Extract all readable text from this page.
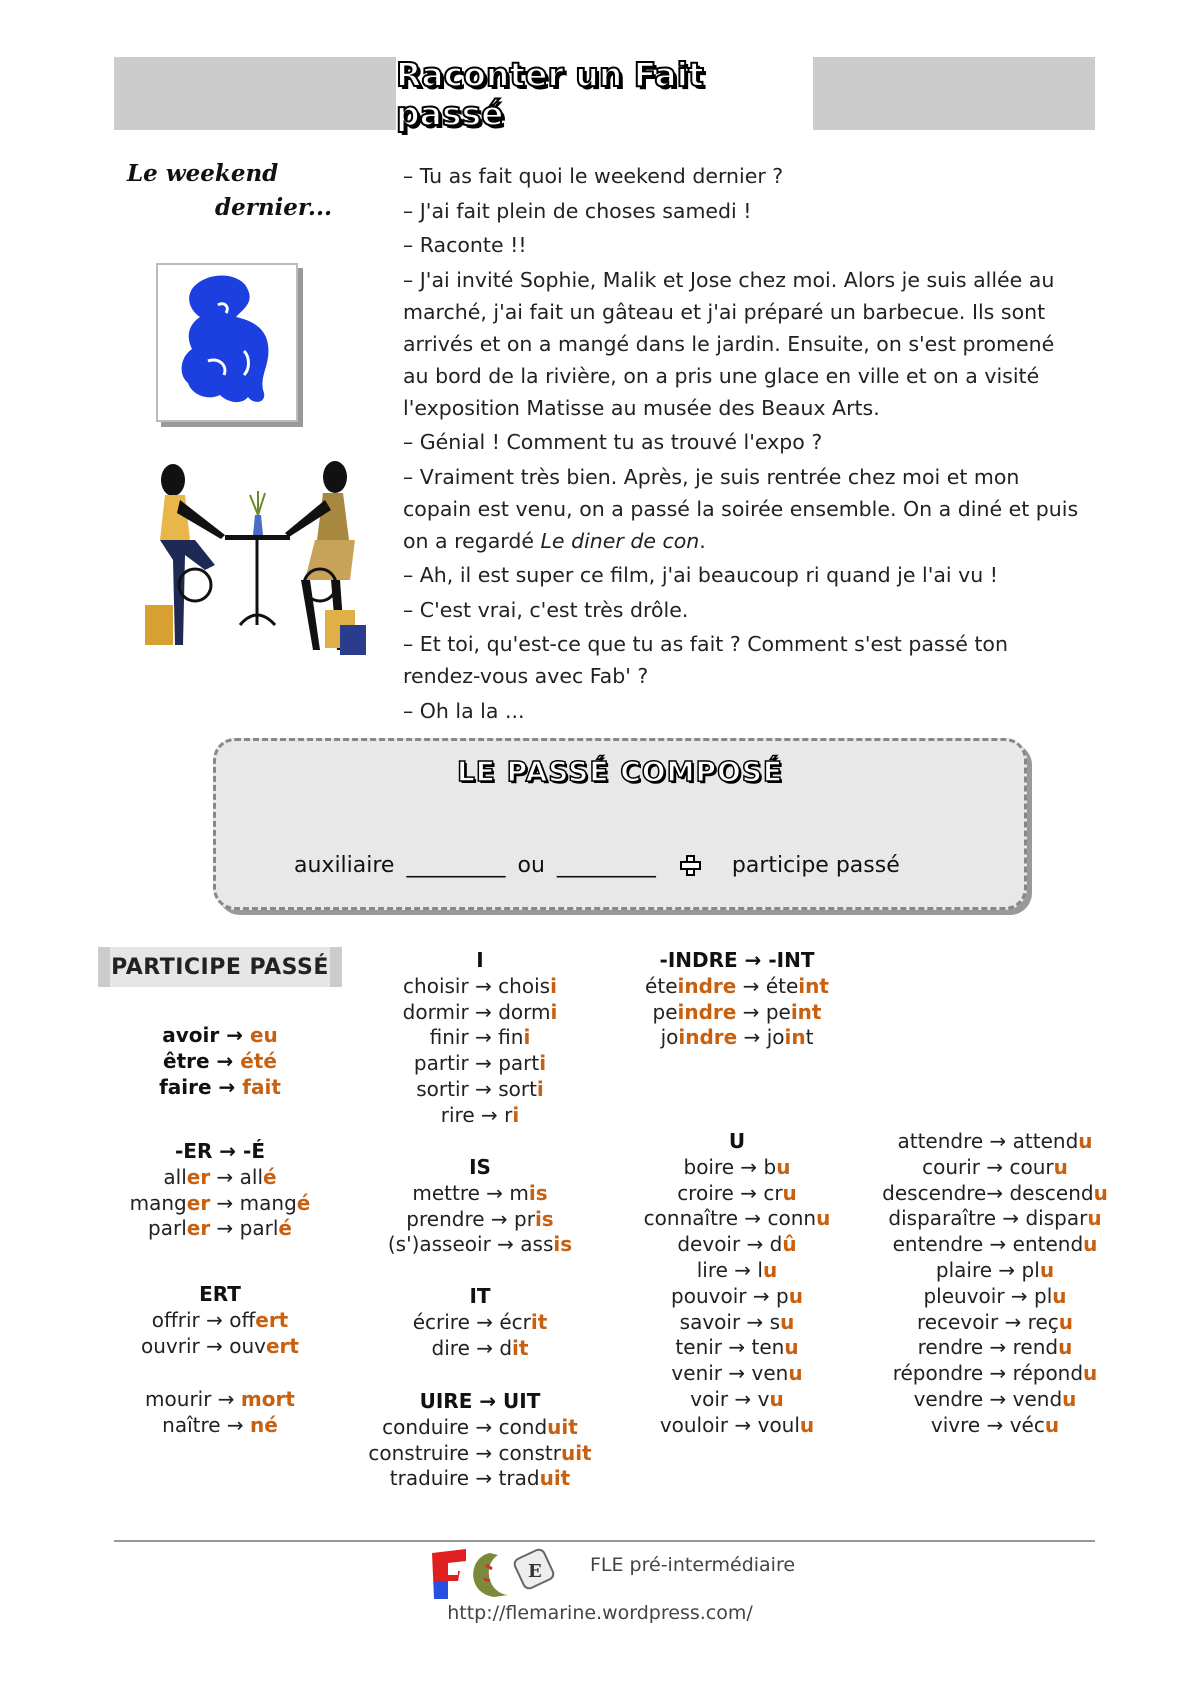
Raconter un Fait passé
Le weekend
dernier...
– Tu as fait quoi le weekend dernier ?
– J'ai fait plein de choses samedi !
– Raconte !!
– J'ai invité Sophie, Malik et Jose chez moi. Alors je suis allée au
marché, j'ai fait un gâteau et j'ai préparé un barbecue. Ils sont
arrivés et on a mangé dans le jardin. Ensuite, on s'est promené
au bord de la rivière, on a pris une glace en ville et on a visité
l'exposition Matisse au musée des Beaux Arts.
– Génial ! Comment tu as trouvé l'expo ?
– Vraiment très bien. Après, je suis rentrée chez moi et mon
copain est venu, on a passé la soirée ensemble. On a diné et puis
on a regardé Le diner de con.
– Ah, il est super ce film, j'ai beaucoup ri quand je l'ai vu !
– C'est vrai, c'est très drôle.
– Et toi, qu'est-ce que tu as fait ? Comment s'est passé ton
rendez-vous avec Fab' ?
– Oh la la ...
LE PASSÉ COMPOSÉ
auxiliaire _________ ou _________	participe passé
PARTICIPE PASSÉ
avoir → eu
être → été
faire → fait
-ER → -É
aller → allé
manger → mangé
parler → parlé
ERT
offrir → offert
ouvrir → ouvert
mourir → mort
naître → né
I
choisir → choisi
dormir → dormi
finir → fini
partir → parti
sortir → sorti
rire → ri
IS
mettre → mis
prendre → pris
(s')asseoir → assis
IT
écrire → écrit
dire → dit
UIRE → UIT
conduire → conduit
construire → construit
traduire → traduit
-INDRE → -INT
éteindre → éteint
peindre → peint
joindre → joint
U
boire → bu
croire → cru
connaître → connu
devoir → dû
lire → lu
pouvoir → pu
savoir → su
tenir → tenu
venir → venu
voir → vu
vouloir → voulu
attendre → attendu
courir → couru
descendre→ descendu
disparaître → disparu
entendre → entendu
plaire → plu
pleuvoir → plu
recevoir → reçu
rendre → rendu
répondre → répondu
vendre → vendu
vivre → vécu
E	FLE pré-intermédiaire
http://flemarine.wordpress.com/
